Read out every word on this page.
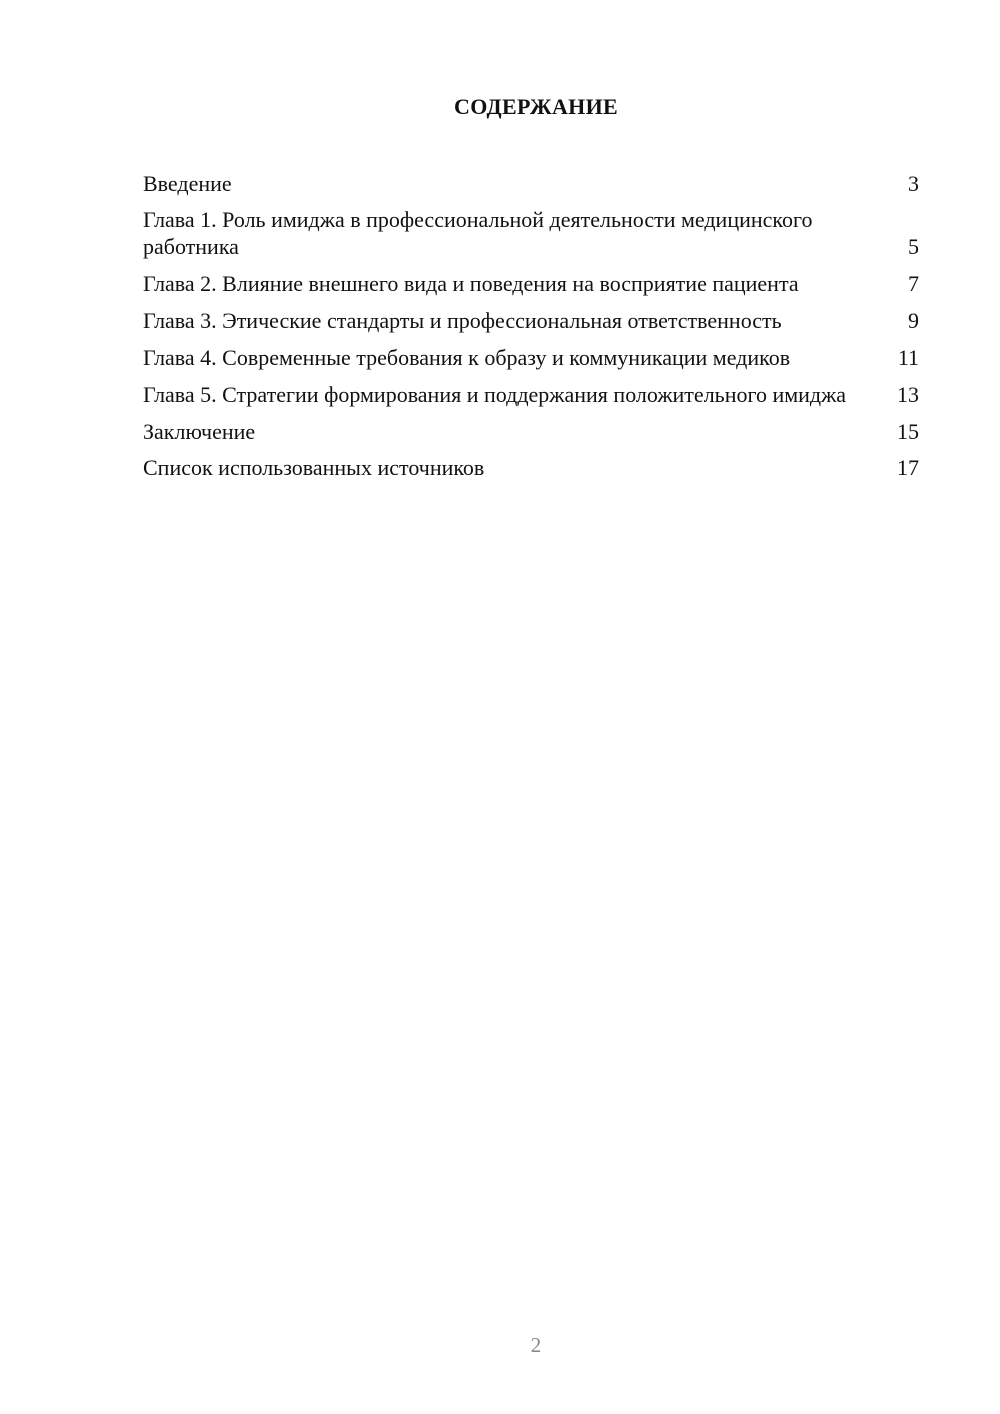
СОДЕРЖАНИЕ
Введение	3
Глава 1. Роль имиджа в профессиональной деятельности медицинского работника	5
Глава 2. Влияние внешнего вида и поведения на восприятие пациента	7
Глава 3. Этические стандарты и профессиональная ответственность	9
Глава 4. Современные требования к образу и коммуникации медиков	11
Глава 5. Стратегии формирования и поддержания положительного имиджа	13
Заключение	15
Список использованных источников	17
2
